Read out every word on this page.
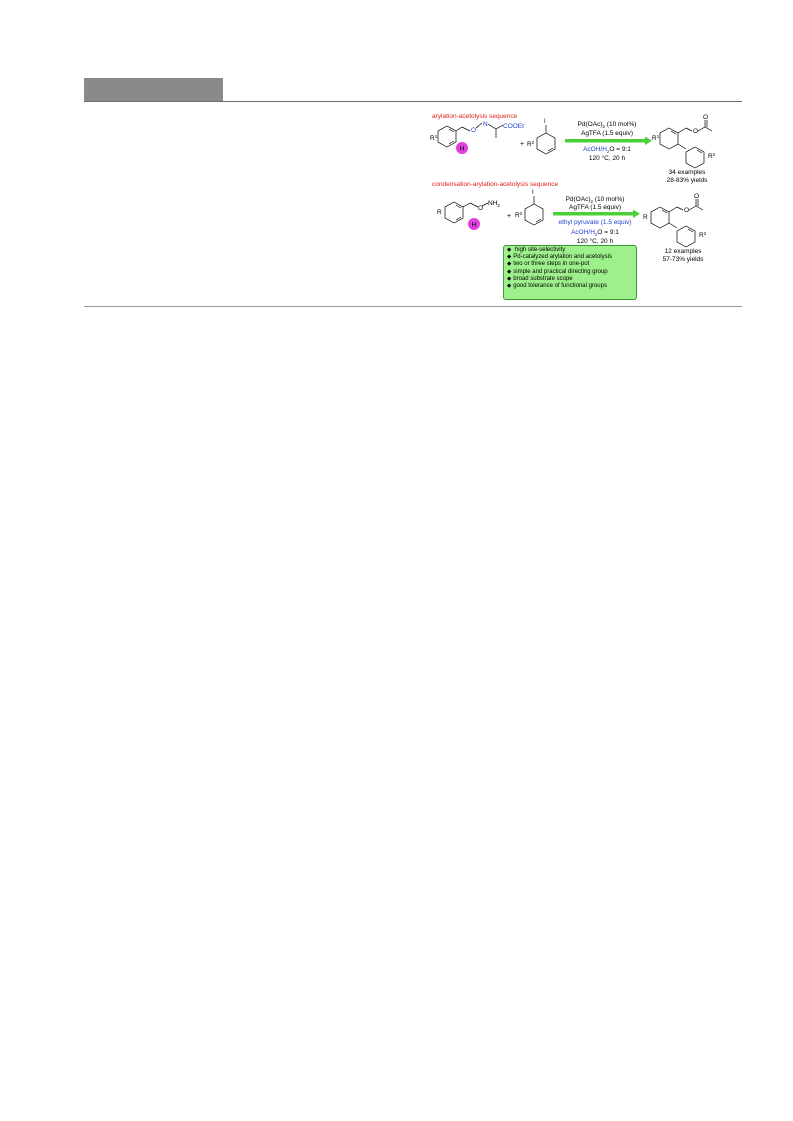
arylation-acetolysis sequence
$R^1$
O
N COOEt
H
+
I
$R^2$
$Pd(OAc)_2$ (10 mol%)
AgTFA (1.5 equiv)
AcOH/$H_2O$ = 9:1
120 °C, 20 h
$R^1$
O
O
$R^2$
34 examples
28-83% yields
condensation-arylation-acetolysis sequence
R
O
$NH_2$
H
+
I
$R^2$
$Pd(OAc)_2$ (10 mol%)
AgTFA (1.5 equiv)
ethyl pyruvate (1.5 equiv)
AcOH/$H_2O$ = 9:1
120 °C, 20 h
R
O
O
$R^2$
12 examples
57-73% yields
◆ high site-selectivity
◆ Pd-catalyzed arylation and acetolysis
◆ two or three steps in one-pot
◆ simple and practical directing group
◆ broad substrate scope
◆ good tolerance of functional groups
